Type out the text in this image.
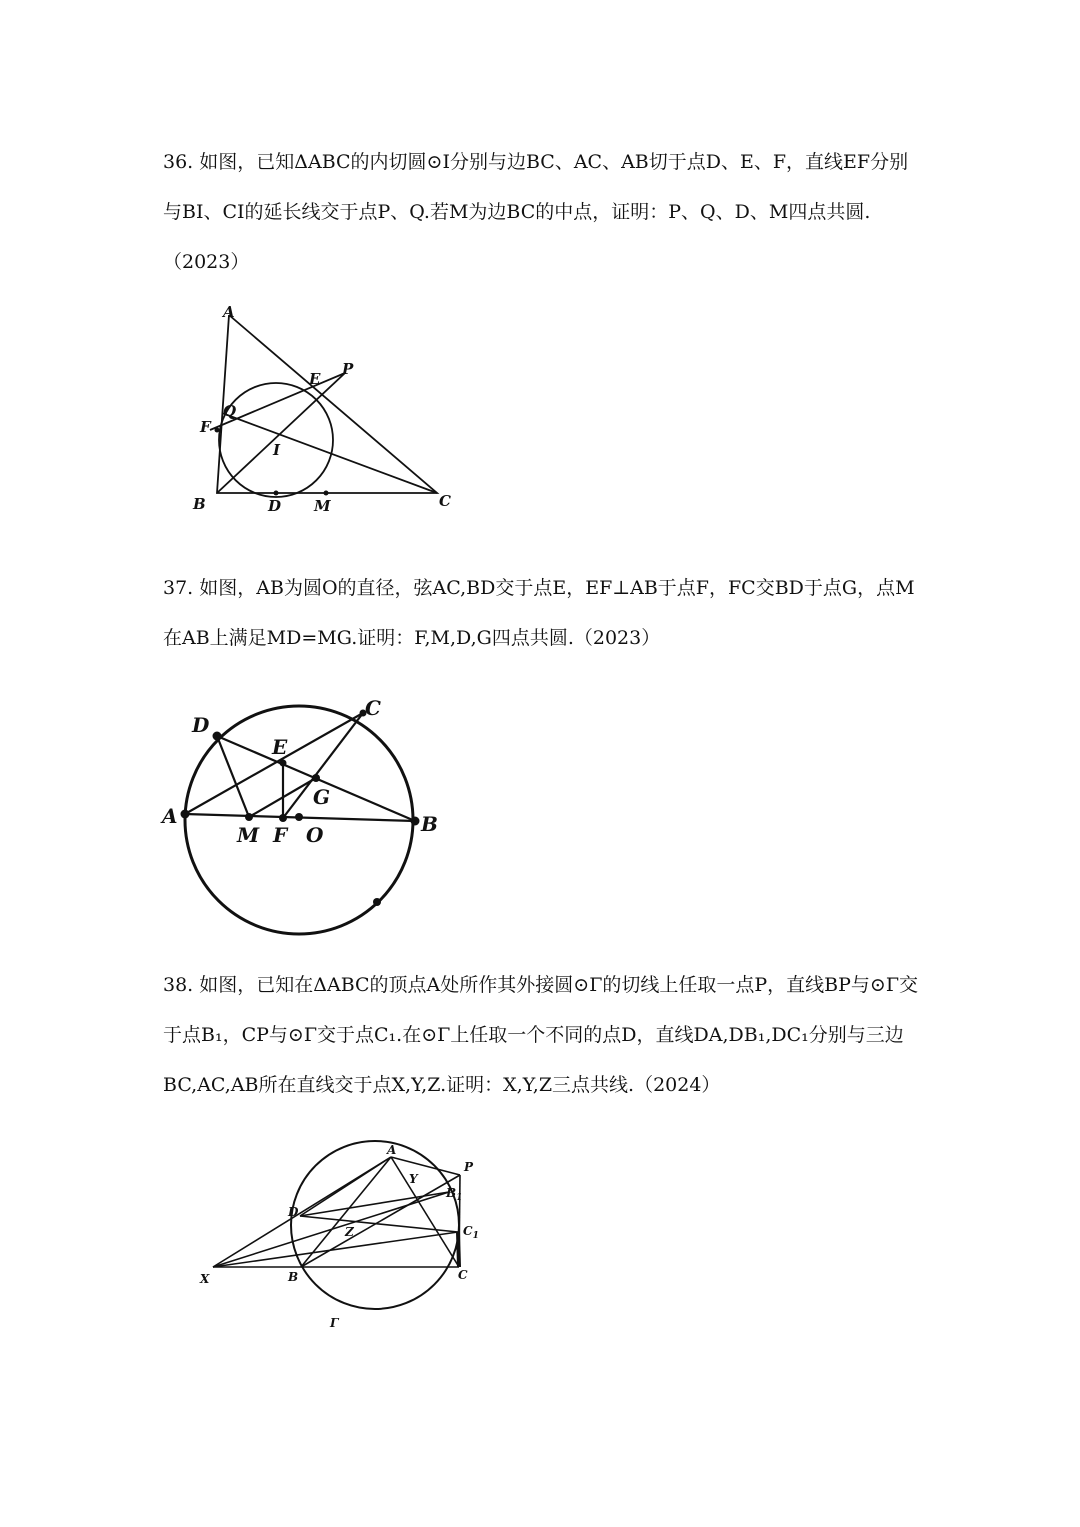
36. 如图，已知ΔABC的内切圆⊙I分别与边BC、AC、AB切于点D、E、F，直线EF分别与BI、CI的延长线交于点P、Q.若M为边BC的中点，证明：P、Q、D、M四点共圆.（2023）

A
P
E
Q
F
I
B	D M	C

37. 如图，AB为圆O的直径，弦AC,BD交于点E，EF⊥AB于点F，FC交BD于点G，点M在AB上满足MD=MG.证明：F,M,D,G四点共圆.（2023）

D
C
E
G
A
M F O	B

38. 如图，已知在ΔABC的顶点A处所作其外接圆⊙Γ的切线上任取一点P，直线BP与⊙Γ交于点B₁，CP与⊙Γ交于点C₁.在⊙Γ上任取一个不同的点D，直线DA,DB₁,DC₁分别与三边BC,AC,AB所在直线交于点X,Y,Z.证明：X,Y,Z三点共线.（2024）

A
P
Y
$B_1$
D
$C_1$
Z
X	B	C
Γ
